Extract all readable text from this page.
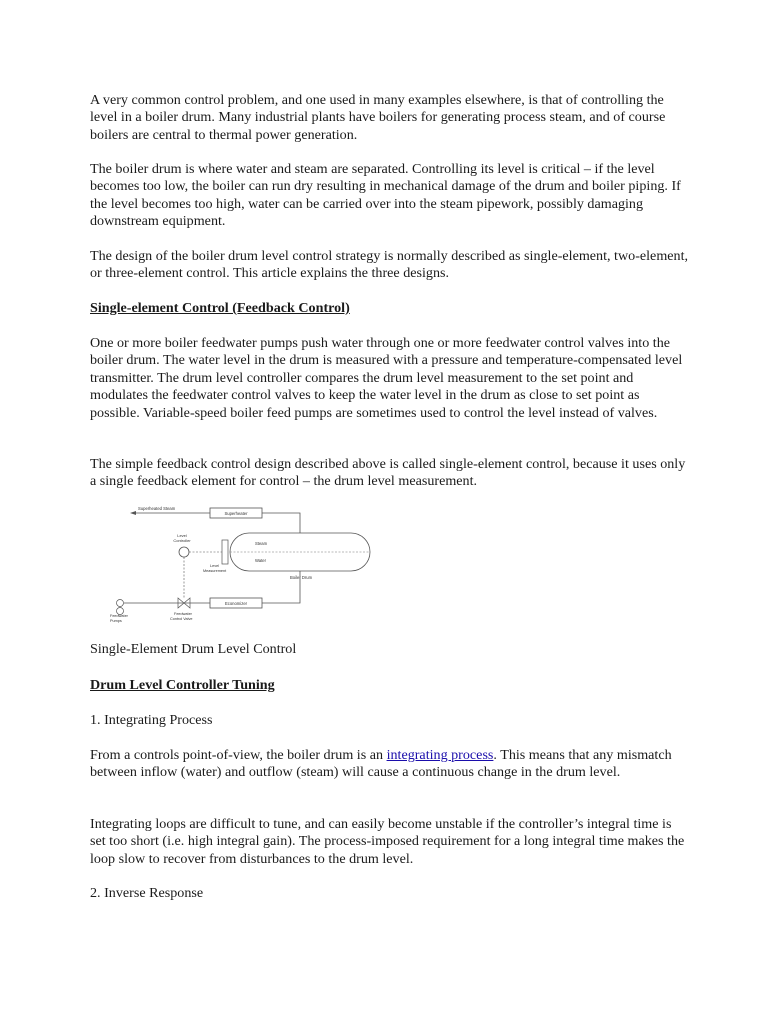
A very common control problem, and one used in many examples elsewhere, is that of controlling the level in a boiler drum. Many industrial plants have boilers for generating process steam, and of course boilers are central to thermal power generation.

The boiler drum is where water and steam are separated. Controlling its level is critical – if the level becomes too low, the boiler can run dry resulting in mechanical damage of the drum and boiler piping. If the level becomes too high, water can be carried over into the steam pipework, possibly damaging downstream equipment.

The design of the boiler drum level control strategy is normally described as single-element, two-element, or three-element control. This article explains the three designs.

Single-element Control (Feedback Control)

One or more boiler feedwater pumps push water through one or more feedwater control valves into the boiler drum. The water level in the drum is measured with a pressure and temperature-compensated level transmitter. The drum level controller compares the drum level measurement to the set point and modulates the feedwater control valves to keep the water level in the drum as close to set point as possible. Variable-speed boiler feed pumps are sometimes used to control the level instead of valves.

The simple feedback control design described above is called single-element control, because it uses only a single feedback element for control – the drum level measurement.

Superheated Steam
Superheater
Steam
Water
Boiler Drum
Level
Controller
Level
Measurement
Feedwater
Pumps
Feedwater
Control Valve
Economizer

Single-Element Drum Level Control

Drum Level Controller Tuning

1. Integrating Process

From a controls point-of-view, the boiler drum is an integrating process. This means that any mismatch between inflow (water) and outflow (steam) will cause a continuous change in the drum level.

Integrating loops are difficult to tune, and can easily become unstable if the controller’s integral time is set too short (i.e. high integral gain). The process-imposed requirement for a long integral time makes the loop slow to recover from disturbances to the drum level.

2. Inverse Response
